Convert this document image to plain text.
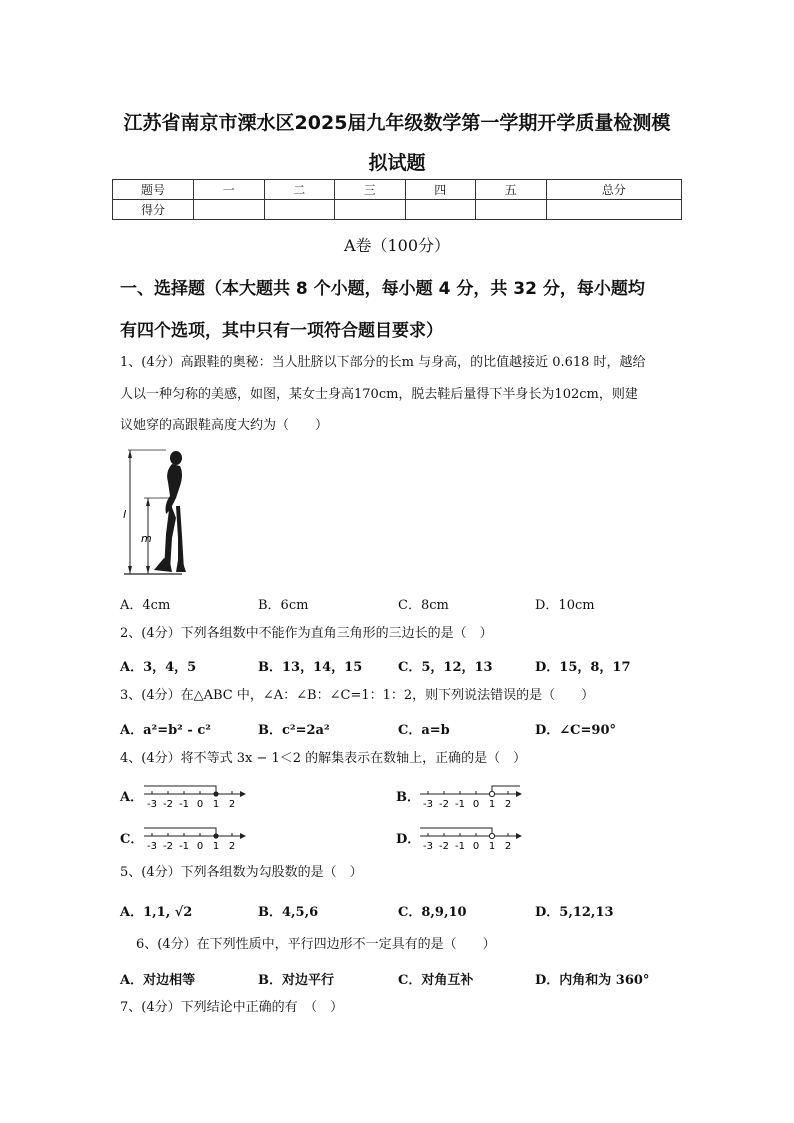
江苏省南京市溧水区2025届九年级数学第一学期开学质量检测模
拟试题
题号	一	二	三	四	五	总分
得分						
A卷（100分）
一、选择题（本大题共 8 个小题，每小题 4 分，共 32 分，每小题均
有四个选项，其中只有一项符合题目要求）
1、(4分）高跟鞋的奥秘：当人肚脐以下部分的长m 与身高，的比值越接近 0.618 时，越给
人以一种匀称的美感，如图，某女士身高170cm，脱去鞋后量得下半身长为102cm，则建
议她穿的高跟鞋高度大约为（　　）
l
m
A．4cm	B．6cm	C．8cm	D．10cm
2、(4分）下列各组数中不能作为直角三角形的三边长的是（　）
A．3，4，5	B．13，14，15	C．5，12，13	D．15，8，17
3、(4分）在△ABC 中，∠A：∠B：∠C=1：1：2，则下列说法错误的是（　　）
A．a²=b² - c²	B．c²=2a²	C．a=b	D．∠C=90°
4、(4分）将不等式 3x − 1＜2 的解集表示在数轴上，正确的是（　）
A． -3 -2 -1 0 1 2	B． -3 -2 -1 0 1 2
C． -3 -2 -1 0 1 2	D． -3 -2 -1 0 1 2
5、(4分）下列各组数为勾股数的是（　）
A．1,1, √2	B．4,5,6	C．8,9,10	D．5,12,13
6、(4分）在下列性质中，平行四边形不一定具有的是（　　）
A．对边相等	B．对边平行	C．对角互补	D．内角和为 360°
7、(4分）下列结论中正确的有　（　）
